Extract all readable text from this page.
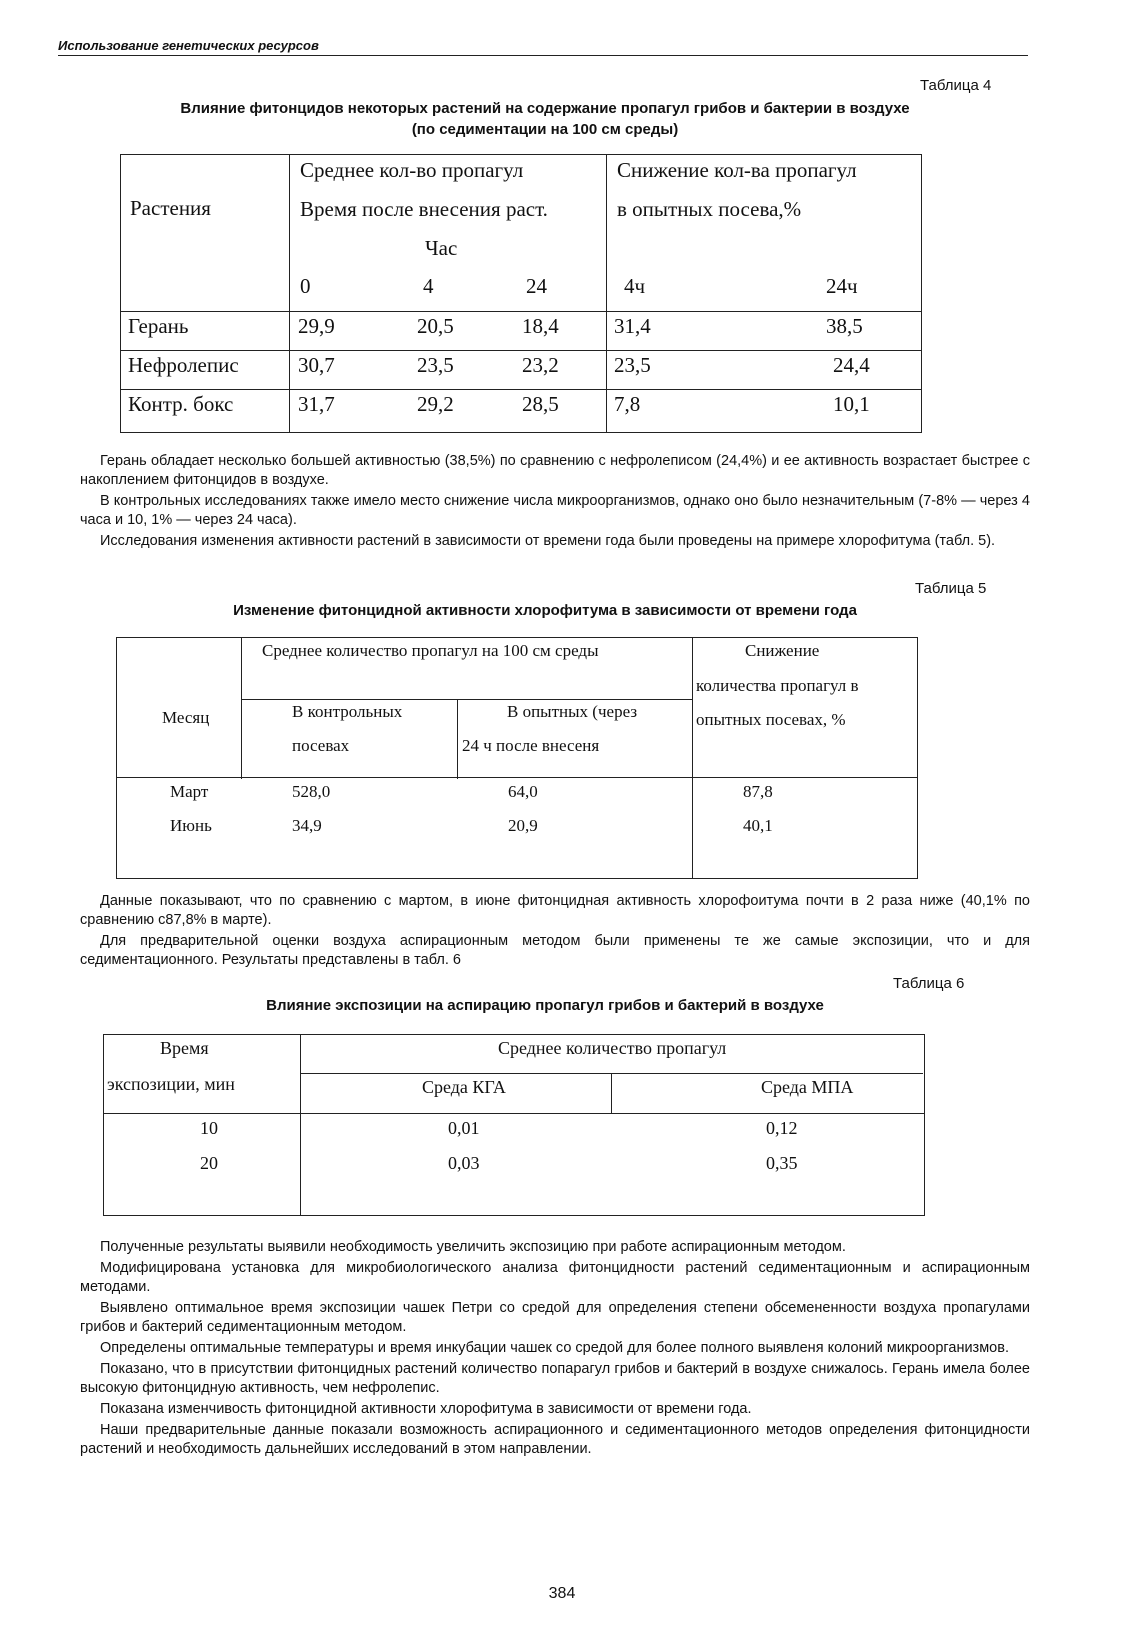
Использование генетических ресурсов
Таблица 4
Влияние фитонцидов некоторых растений на содержание пропагул грибов и бактерии в воздухе
(по седиментации на 100 см среды)
Растения
Среднее кол-во пропагул
Время после внесения раст.
Час
Снижение кол-ва пропагул
в опытных посева,%
0	4	24	4ч	24ч
Герань	29,9	20,5	18,4	31,4	38,5
Нефролепис	30,7	23,5	23,2	23,5	24,4
Контр. бокс	31,7	29,2	28,5	7,8	10,1

Герань обладает несколько большей активностью (38,5%) по сравнению с нефролеписом (24,4%) и ее активность возрастает быстрее с накоплением фитонцидов в воздухе.

В контрольных исследованиях также имело место снижение числа микроорганизмов, однако оно было незначительным (7-8% — через 4 часа и 10, 1% — через 24 часа).

Исследования изменения активности растений в зависимости от времени года были проведены на примере хлорофитума (табл. 5).

Таблица 5
Изменение фитонцидной активности хлорофитума в зависимости от времени года
Месяц
Среднее количество пропагул на 100 см среды
В контрольных
посевах
В опытных (через
24 ч после внесеня
Снижение
количества пропагул в
опытных посевах, %
Март	528,0	64,0	87,8
Июнь	34,9	20,9	40,1

Данные показывают, что по сравнению с мартом, в июне фитонцидная активность хлорофоитума почти в 2 раза ниже (40,1% по сравнению с87,8% в марте).

Для предварительной оценки воздуха аспирационным методом были применены те же самые экспозиции, что и для седиментационного. Результаты представлены в табл. 6

Таблица 6
Влияние экспозиции на аспирацию пропагул грибов и бактерий в воздухе
Время
экспозиции, мин
Среднее количество пропагул
Среда КГА	Среда МПА
10	0,01	0,12
20	0,03	0,35

Полученные результаты выявили необходимость увеличить экспозицию при работе аспирационным методом.

Модифицирована установка для микробиологического анализа фитонцидности растений седиментационным и аспирационным методами.

Выявлено оптимальное время экспозиции чашек Петри со средой для определения степени обсемененности воздуха пропагулами грибов и бактерий седиментационным методом.

Определены оптимальные температуры и время инкубации чашек со средой для более полного выявленя колоний микроорганизмов.

Показано, что в присутствии фитонцидных растений количество попарагул грибов и бактерий в воздухе снижалось. Герань имела более высокую фитонцидную активность, чем нефролепис.

Показана изменчивость фитонцидной активности хлорофитума в зависимости от времени года.

Наши предварительные данные показали возможность аспирационного и седиментационного методов определения фитонцидности растений и необходимость дальнейших исследований в этом направлении.

384
